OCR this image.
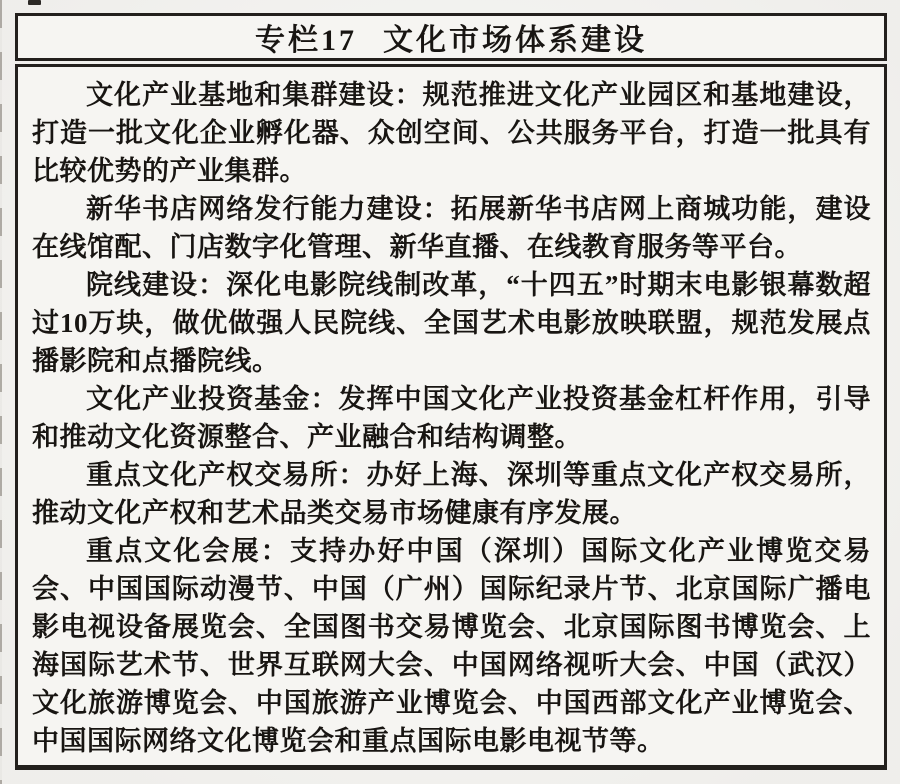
专栏17 文化市场体系建设

文化产业基地和集群建设：规范推进文化产业园区和基地建设，打造一批文化企业孵化器、众创空间、公共服务平台，打造一批具有比较优势的产业集群。

新华书店网络发行能力建设：拓展新华书店网上商城功能，建设在线馆配、门店数字化管理、新华直播、在线教育服务等平台。

院线建设：深化电影院线制改革，“十四五”时期末电影银幕数超过10万块，做优做强人民院线、全国艺术电影放映联盟，规范发展点播影院和点播院线。

文化产业投资基金：发挥中国文化产业投资基金杠杆作用，引导和推动文化资源整合、产业融合和结构调整。

重点文化产权交易所：办好上海、深圳等重点文化产权交易所，推动文化产权和艺术品类交易市场健康有序发展。

重点文化会展：支持办好中国（深圳）国际文化产业博览交易会、中国国际动漫节、中国（广州）国际纪录片节、北京国际广播电影电视设备展览会、全国图书交易博览会、北京国际图书博览会、上海国际艺术节、世界互联网大会、中国网络视听大会、中国（武汉）文化旅游博览会、中国旅游产业博览会、中国西部文化产业博览会、中国国际网络文化博览会和重点国际电影电视节等。
